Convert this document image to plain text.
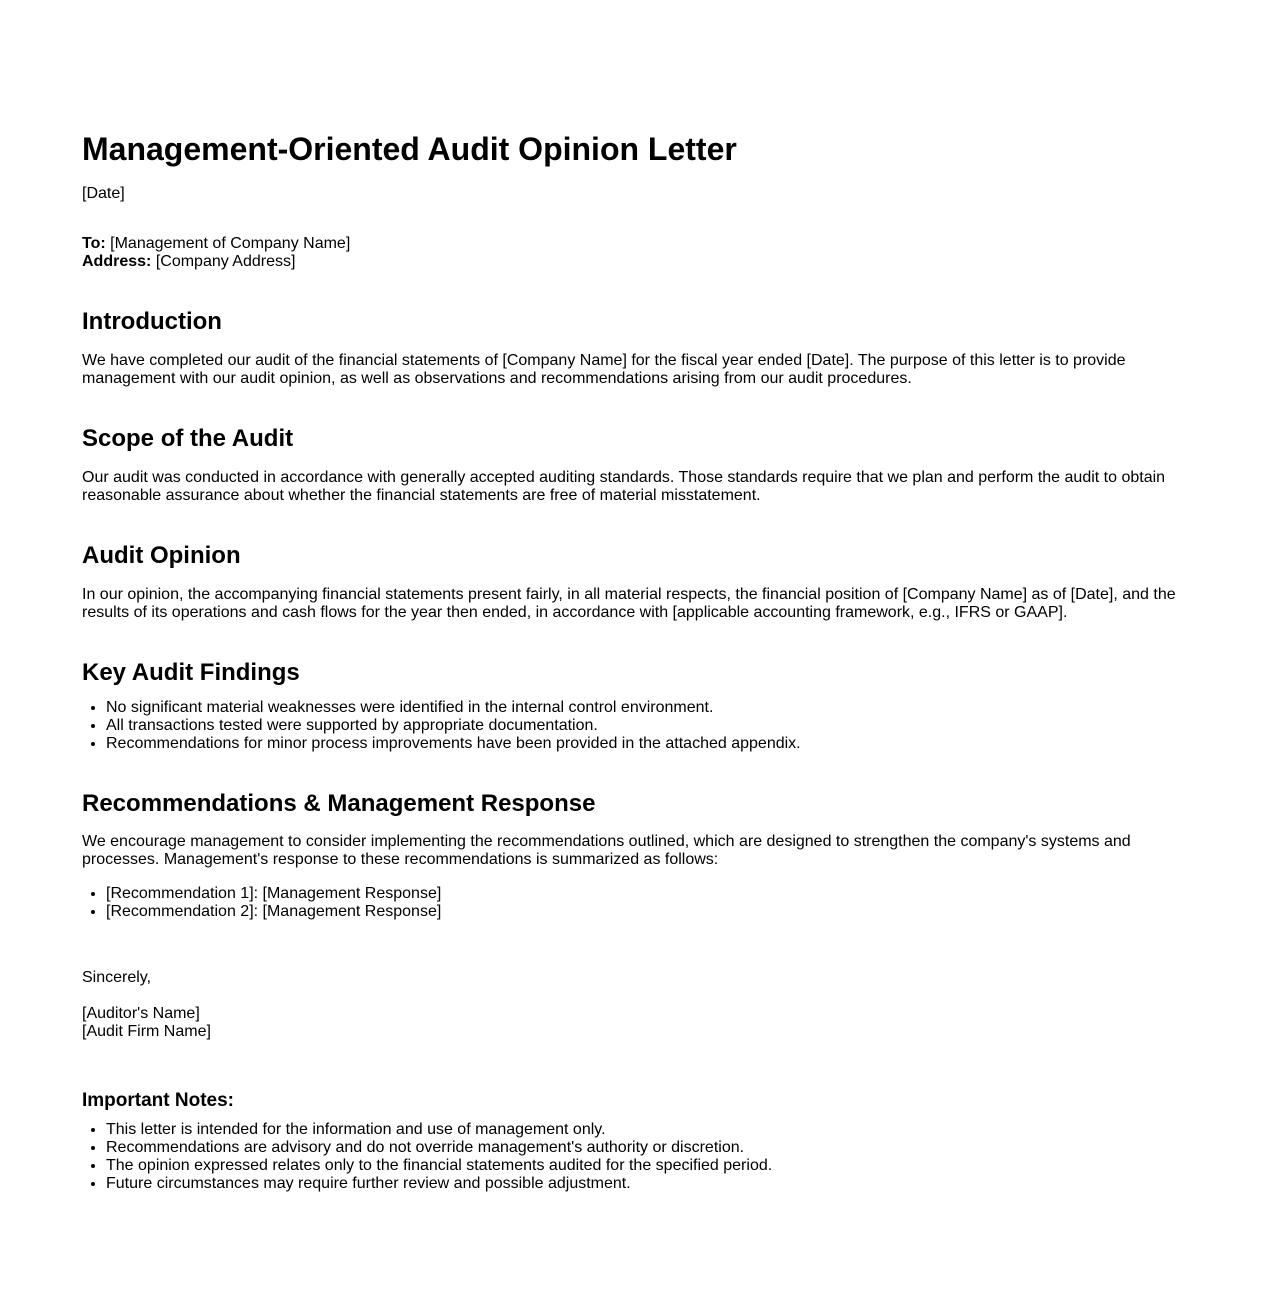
Management-Oriented Audit Opinion Letter

[Date]

To: [Management of Company Name]
Address: [Company Address]
Introduction

We have completed our audit of the financial statements of [Company Name] for the fiscal year ended [Date]. The purpose of this letter is to provide management with our audit opinion, as well as observations and recommendations arising from our audit procedures.

Scope of the Audit

Our audit was conducted in accordance with generally accepted auditing standards. Those standards require that we plan and perform the audit to obtain reasonable assurance about whether the financial statements are free of material misstatement.

Audit Opinion

In our opinion, the accompanying financial statements present fairly, in all material respects, the financial position of [Company Name] as of [Date], and the results of its operations and cash flows for the year then ended, in accordance with [applicable accounting framework, e.g., IFRS or GAAP].

Key Audit Findings
• No significant material weaknesses were identified in the internal control environment.
• All transactions tested were supported by appropriate documentation.
• Recommendations for minor process improvements have been provided in the attached appendix.
Recommendations & Management Response

We encourage management to consider implementing the recommendations outlined, which are designed to strengthen the company's systems and processes. Management's response to these recommendations is summarized as follows:

• [Recommendation 1]: [Management Response]
• [Recommendation 2]: [Management Response]

Sincerely,

[Auditor's Name]
[Audit Firm Name]
Important Notes:
• This letter is intended for the information and use of management only.
• Recommendations are advisory and do not override management's authority or discretion.
• The opinion expressed relates only to the financial statements audited for the specified period.
• Future circumstances may require further review and possible adjustment.
